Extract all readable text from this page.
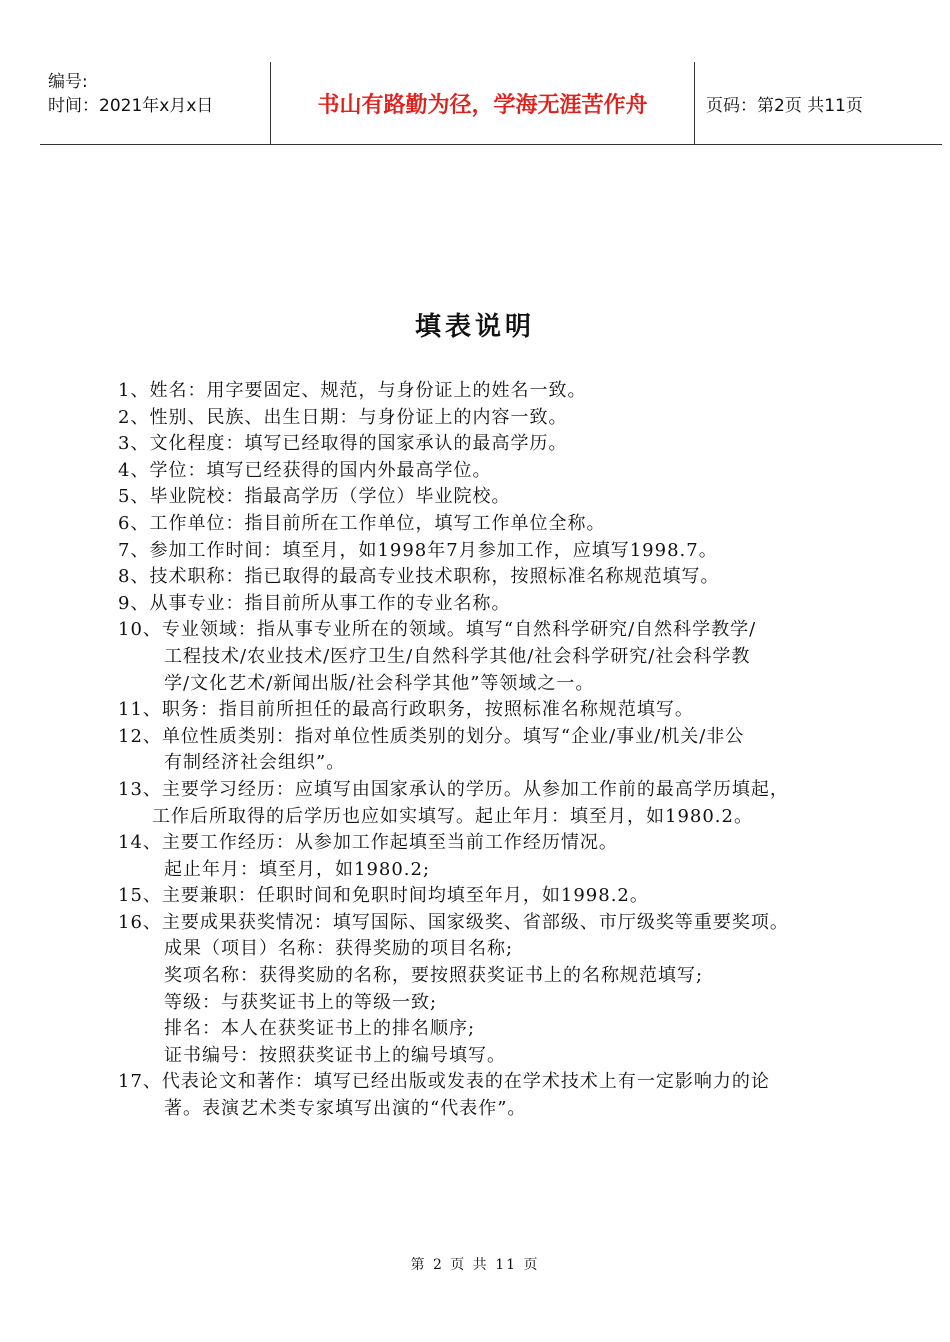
编号:
时间：2021年x月x日	书山有路勤为径，学海无涯苦作舟	页码：第2页 共11页
填表说明
1、姓名：用字要固定、规范，与身份证上的姓名一致。
2、性别、民族、出生日期：与身份证上的内容一致。
3、文化程度：填写已经取得的国家承认的最高学历。
4、学位：填写已经获得的国内外最高学位。
5、毕业院校：指最高学历（学位）毕业院校。
6、工作单位：指目前所在工作单位，填写工作单位全称。
7、参加工作时间：填至月，如1998年7月参加工作，应填写1998.7。
8、技术职称：指已取得的最高专业技术职称，按照标准名称规范填写。
9、从事专业：指目前所从事工作的专业名称。
10、专业领域：指从事专业所在的领域。填写“自然科学研究/自然科学教学/
工程技术/农业技术/医疗卫生/自然科学其他/社会科学研究/社会科学教
学/文化艺术/新闻出版/社会科学其他”等领域之一。
11、职务：指目前所担任的最高行政职务，按照标准名称规范填写。
12、单位性质类别：指对单位性质类别的划分。填写“企业/事业/机关/非公
有制经济社会组织”。
13、主要学习经历：应填写由国家承认的学历。从参加工作前的最高学历填起，
工作后所取得的后学历也应如实填写。起止年月：填至月，如1980.2。
14、主要工作经历：从参加工作起填至当前工作经历情况。
起止年月：填至月，如1980.2;
15、主要兼职：任职时间和免职时间均填至年月，如1998.2。
16、主要成果获奖情况：填写国际、国家级奖、省部级、市厅级奖等重要奖项。
成果（项目）名称：获得奖励的项目名称;
奖项名称：获得奖励的名称，要按照获奖证书上的名称规范填写;
等级：与获奖证书上的等级一致;
排名：本人在获奖证书上的排名顺序;
证书编号：按照获奖证书上的编号填写。
17、代表论文和著作：填写已经出版或发表的在学术技术上有一定影响力的论
著。表演艺术类专家填写出演的“代表作”。
第 2 页 共 11 页
